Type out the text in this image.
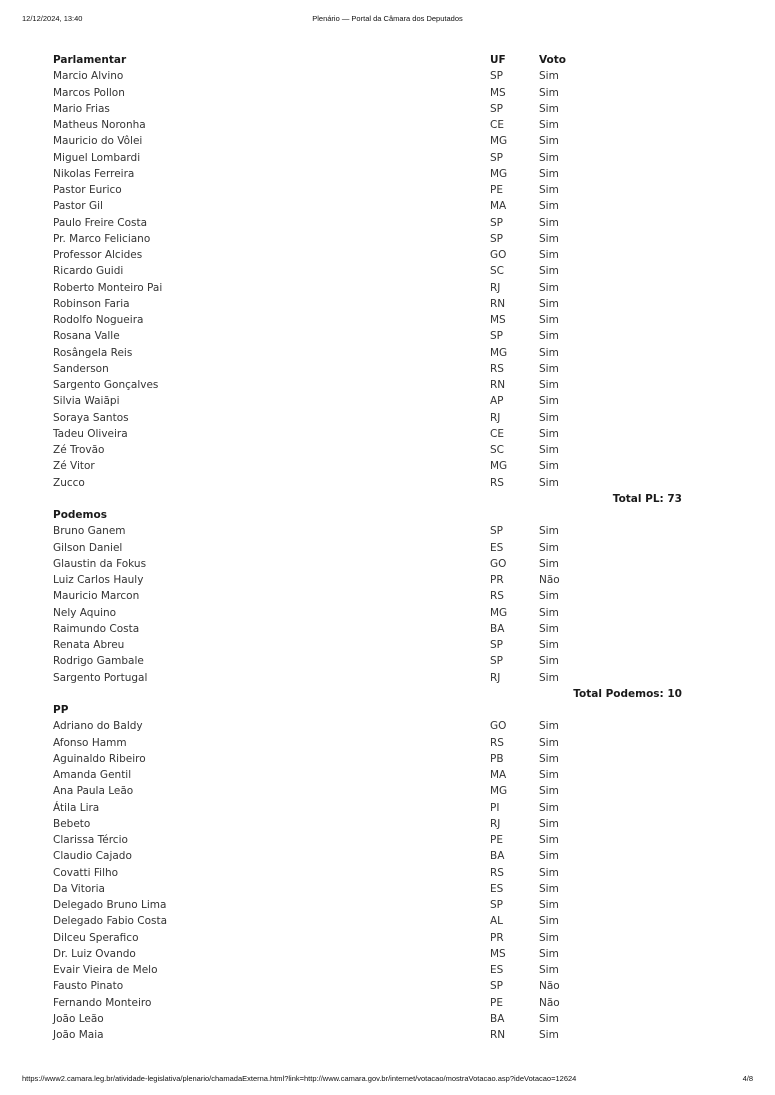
12/12/2024, 13:40	Plenário — Portal da Câmara dos Deputados
Parlamentar	UF	Voto
Marcio Alvino	SP	Sim
Marcos Pollon	MS	Sim
Mario Frias	SP	Sim
Matheus Noronha	CE	Sim
Mauricio do Vôlei	MG	Sim
Miguel Lombardi	SP	Sim
Nikolas Ferreira	MG	Sim
Pastor Eurico	PE	Sim
Pastor Gil	MA	Sim
Paulo Freire Costa	SP	Sim
Pr. Marco Feliciano	SP	Sim
Professor Alcides	GO	Sim
Ricardo Guidi	SC	Sim
Roberto Monteiro Pai	RJ	Sim
Robinson Faria	RN	Sim
Rodolfo Nogueira	MS	Sim
Rosana Valle	SP	Sim
Rosângela Reis	MG	Sim
Sanderson	RS	Sim
Sargento Gonçalves	RN	Sim
Silvia Waiãpi	AP	Sim
Soraya Santos	RJ	Sim
Tadeu Oliveira	CE	Sim
Zé Trovão	SC	Sim
Zé Vitor	MG	Sim
Zucco	RS	Sim
Total PL: 73
Podemos
Bruno Ganem	SP	Sim
Gilson Daniel	ES	Sim
Glaustin da Fokus	GO	Sim
Luiz Carlos Hauly	PR	Não
Mauricio Marcon	RS	Sim
Nely Aquino	MG	Sim
Raimundo Costa	BA	Sim
Renata Abreu	SP	Sim
Rodrigo Gambale	SP	Sim
Sargento Portugal	RJ	Sim
Total Podemos: 10
PP
Adriano do Baldy	GO	Sim
Afonso Hamm	RS	Sim
Aguinaldo Ribeiro	PB	Sim
Amanda Gentil	MA	Sim
Ana Paula Leão	MG	Sim
Átila Lira	PI	Sim
Bebeto	RJ	Sim
Clarissa Tércio	PE	Sim
Claudio Cajado	BA	Sim
Covatti Filho	RS	Sim
Da Vitoria	ES	Sim
Delegado Bruno Lima	SP	Sim
Delegado Fabio Costa	AL	Sim
Dilceu Sperafico	PR	Sim
Dr. Luiz Ovando	MS	Sim
Evair Vieira de Melo	ES	Sim
Fausto Pinato	SP	Não
Fernando Monteiro	PE	Não
João Leão	BA	Sim
João Maia	RN	Sim
https://www2.camara.leg.br/atividade-legislativa/plenario/chamadaExterna.html?link=http://www.camara.gov.br/internet/votacao/mostraVotacao.asp?ideVotacao=12624	4/8
